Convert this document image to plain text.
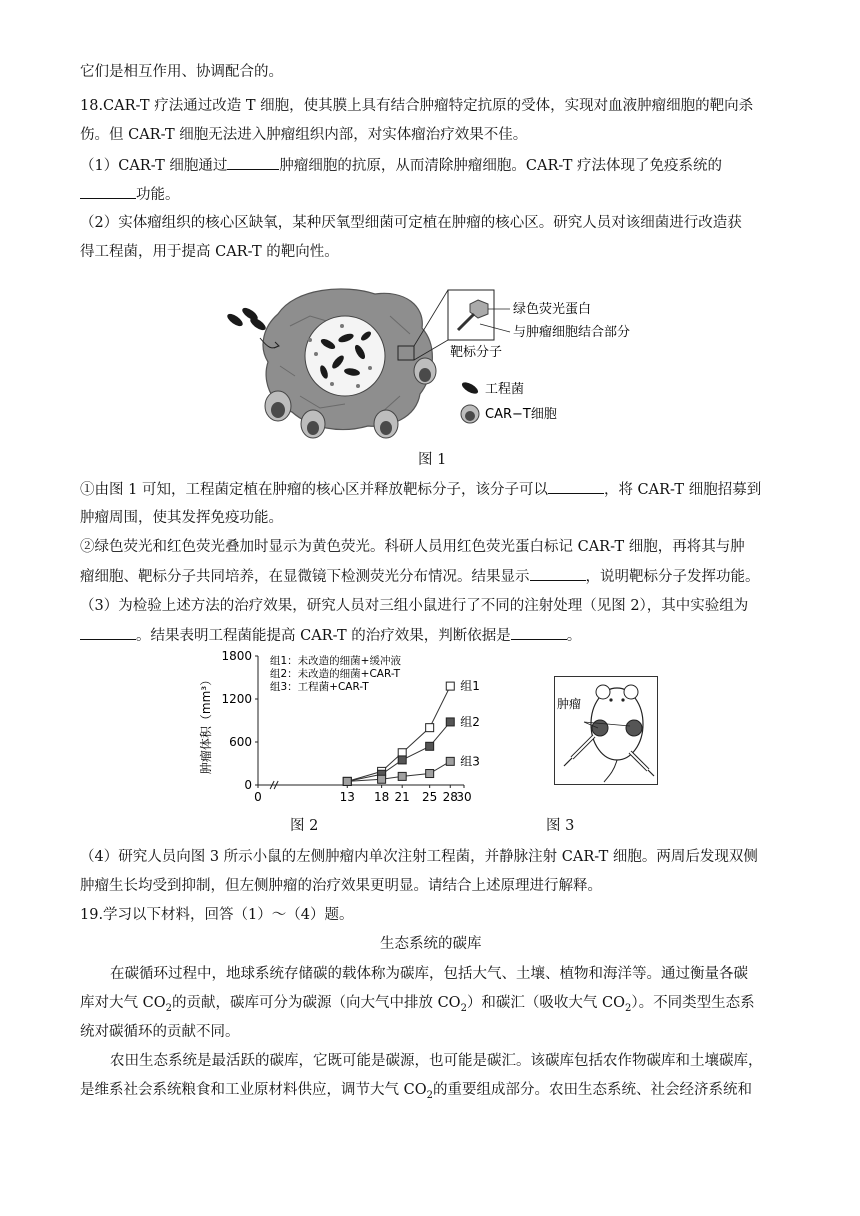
它们是相互作用、协调配合的。
18.CAR-T 疗法通过改造 T 细胞，使其膜上具有结合肿瘤特定抗原的受体，实现对血液肿瘤细胞的靶向杀
伤。但 CAR-T 细胞无法进入肿瘤组织内部，对实体瘤治疗效果不佳。
（1）CAR-T 细胞通过	肿瘤细胞的抗原，从而清除肿瘤细胞。CAR-T 疗法体现了免疫系统的
功能。
（2）实体瘤组织的核心区缺氧，某种厌氧型细菌可定植在肿瘤的核心区。研究人员对该细菌进行改造获
得工程菌，用于提高 CAR-T 的靶向性。
绿色荧光蛋白
与肿瘤细胞结合部分
靶标分子
工程菌
CAR−T细胞
图 1
①由图 1 可知，工程菌定植在肿瘤的核心区并释放靶标分子，该分子可以	，将 CAR-T 细胞招募到
肿瘤周围，使其发挥免疫功能。
②绿色荧光和红色荧光叠加时显示为黄色荧光。科研人员用红色荧光蛋白标记 CAR-T 细胞，再将其与肿
瘤细胞、靶标分子共同培养，在显微镜下检测荧光分布情况。结果显示	，说明靶标分子发挥功能。
（3）为检验上述方法的治疗效果，研究人员对三组小鼠进行了不同的注射处理（见图 2），其中实验组为
。结果表明工程菌能提高 CAR-T 的治疗效果，判断依据是	。
肿瘤体积（mm³）
0	13 18 21 25 28
30
0
600
1200
1800
组1
组2
组3
组1：未改造的细菌+缓冲液
组2：未改造的细菌+CAR-T
组3：工程菌+CAR-T
图 2
肿瘤
图 3
（4）研究人员向图 3 所示小鼠的左侧肿瘤内单次注射工程菌，并静脉注射 CAR-T 细胞。两周后发现双侧
肿瘤生长均受到抑制，但左侧肿瘤的治疗效果更明显。请结合上述原理进行解释。
19.学习以下材料，回答（1）～（4）题。
生态系统的碳库
在碳循环过程中，地球系统存储碳的载体称为碳库，包括大气、土壤、植物和海洋等。通过衡量各碳
库对大气 $CO_2$的贡献，碳库可分为碳源（向大气中排放 $CO_2$）和碳汇（吸收大气 $CO_2$）。不同类型生态系
统对碳循环的贡献不同。
农田生态系统是最活跃的碳库，它既可能是碳源，也可能是碳汇。该碳库包括农作物碳库和土壤碳库，
是维系社会系统粮食和工业原材料供应，调节大气 $CO_2$的重要组成部分。农田生态系统、社会经济系统和
